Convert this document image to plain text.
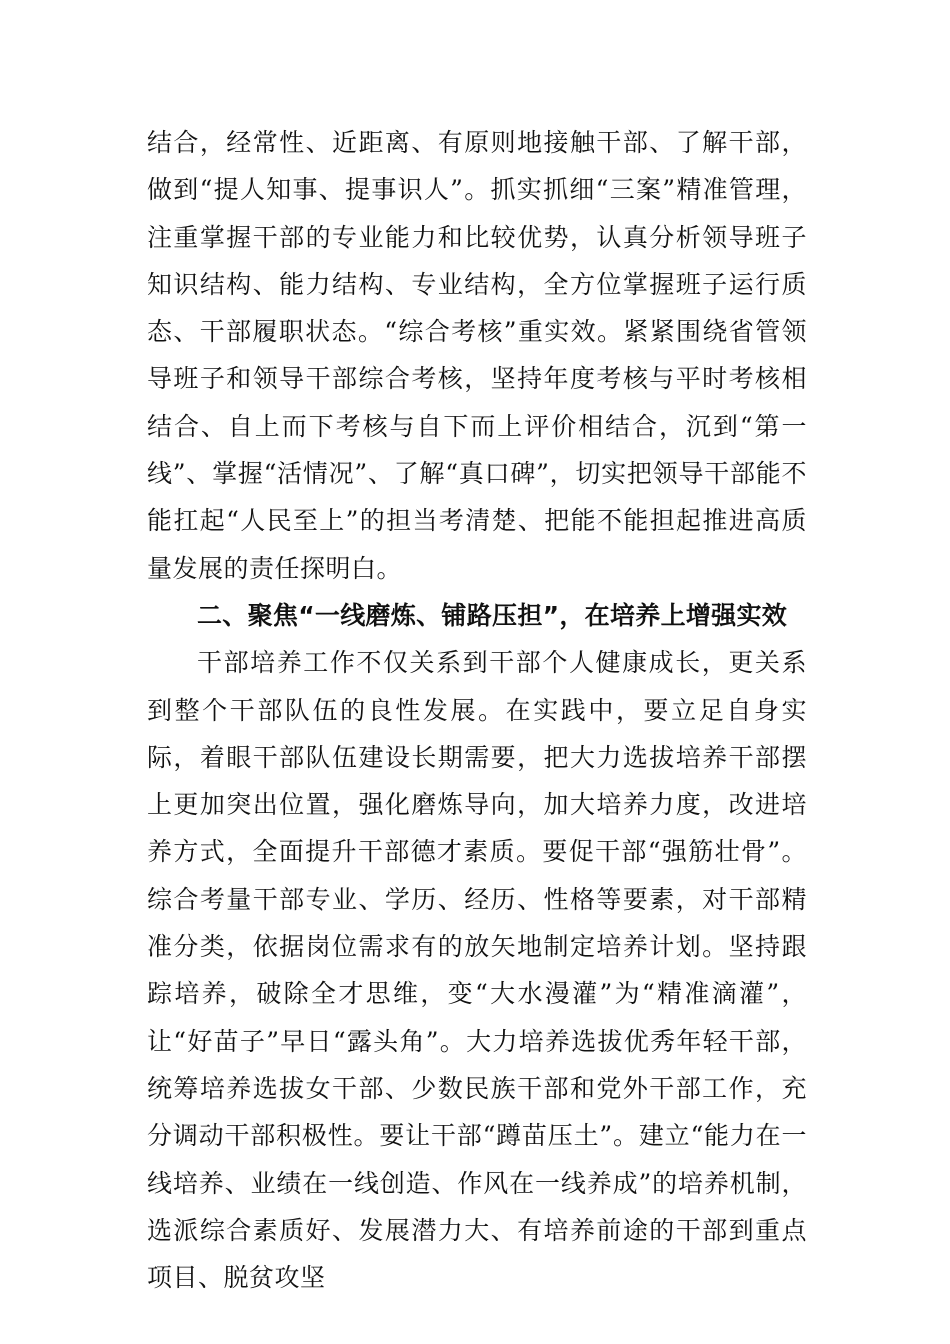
结合，经常性、近距离、有原则地接触干部、了解干部，做到“提人知事、提事识人”。抓实抓细“三案”精准管理，注重掌握干部的专业能力和比较优势，认真分析领导班子知识结构、能力结构、专业结构，全方位掌握班子运行质态、干部履职状态。“综合考核”重实效。紧紧围绕省管领导班子和领导干部综合考核，坚持年度考核与平时考核相结合、自上而下考核与自下而上评价相结合，沉到“第一线”、掌握“活情况”、了解“真口碑”，切实把领导干部能不能扛起“人民至上”的担当考清楚、把能不能担起推进高质量发展的责任探明白。

二、聚焦“一线磨炼、铺路压担”，在培养上增强实效

干部培养工作不仅关系到干部个人健康成长，更关系到整个干部队伍的良性发展。在实践中，要立足自身实际，着眼干部队伍建设长期需要，把大力选拔培养干部摆上更加突出位置，强化磨炼导向，加大培养力度，改进培养方式，全面提升干部德才素质。要促干部“强筋壮骨”。综合考量干部专业、学历、经历、性格等要素，对干部精准分类，依据岗位需求有的放矢地制定培养计划。坚持跟踪培养，破除全才思维，变“大水漫灌”为“精准滴灌”，让“好苗子”早日“露头角”。大力培养选拔优秀年轻干部，统筹培养选拔女干部、少数民族干部和党外干部工作，充分调动干部积极性。要让干部“蹲苗压土”。建立“能力在一线培养、业绩在一线创造、作风在一线养成”的培养机制，选派综合素质好、发展潜力大、有培养前途的干部到重点项目、脱贫攻坚
